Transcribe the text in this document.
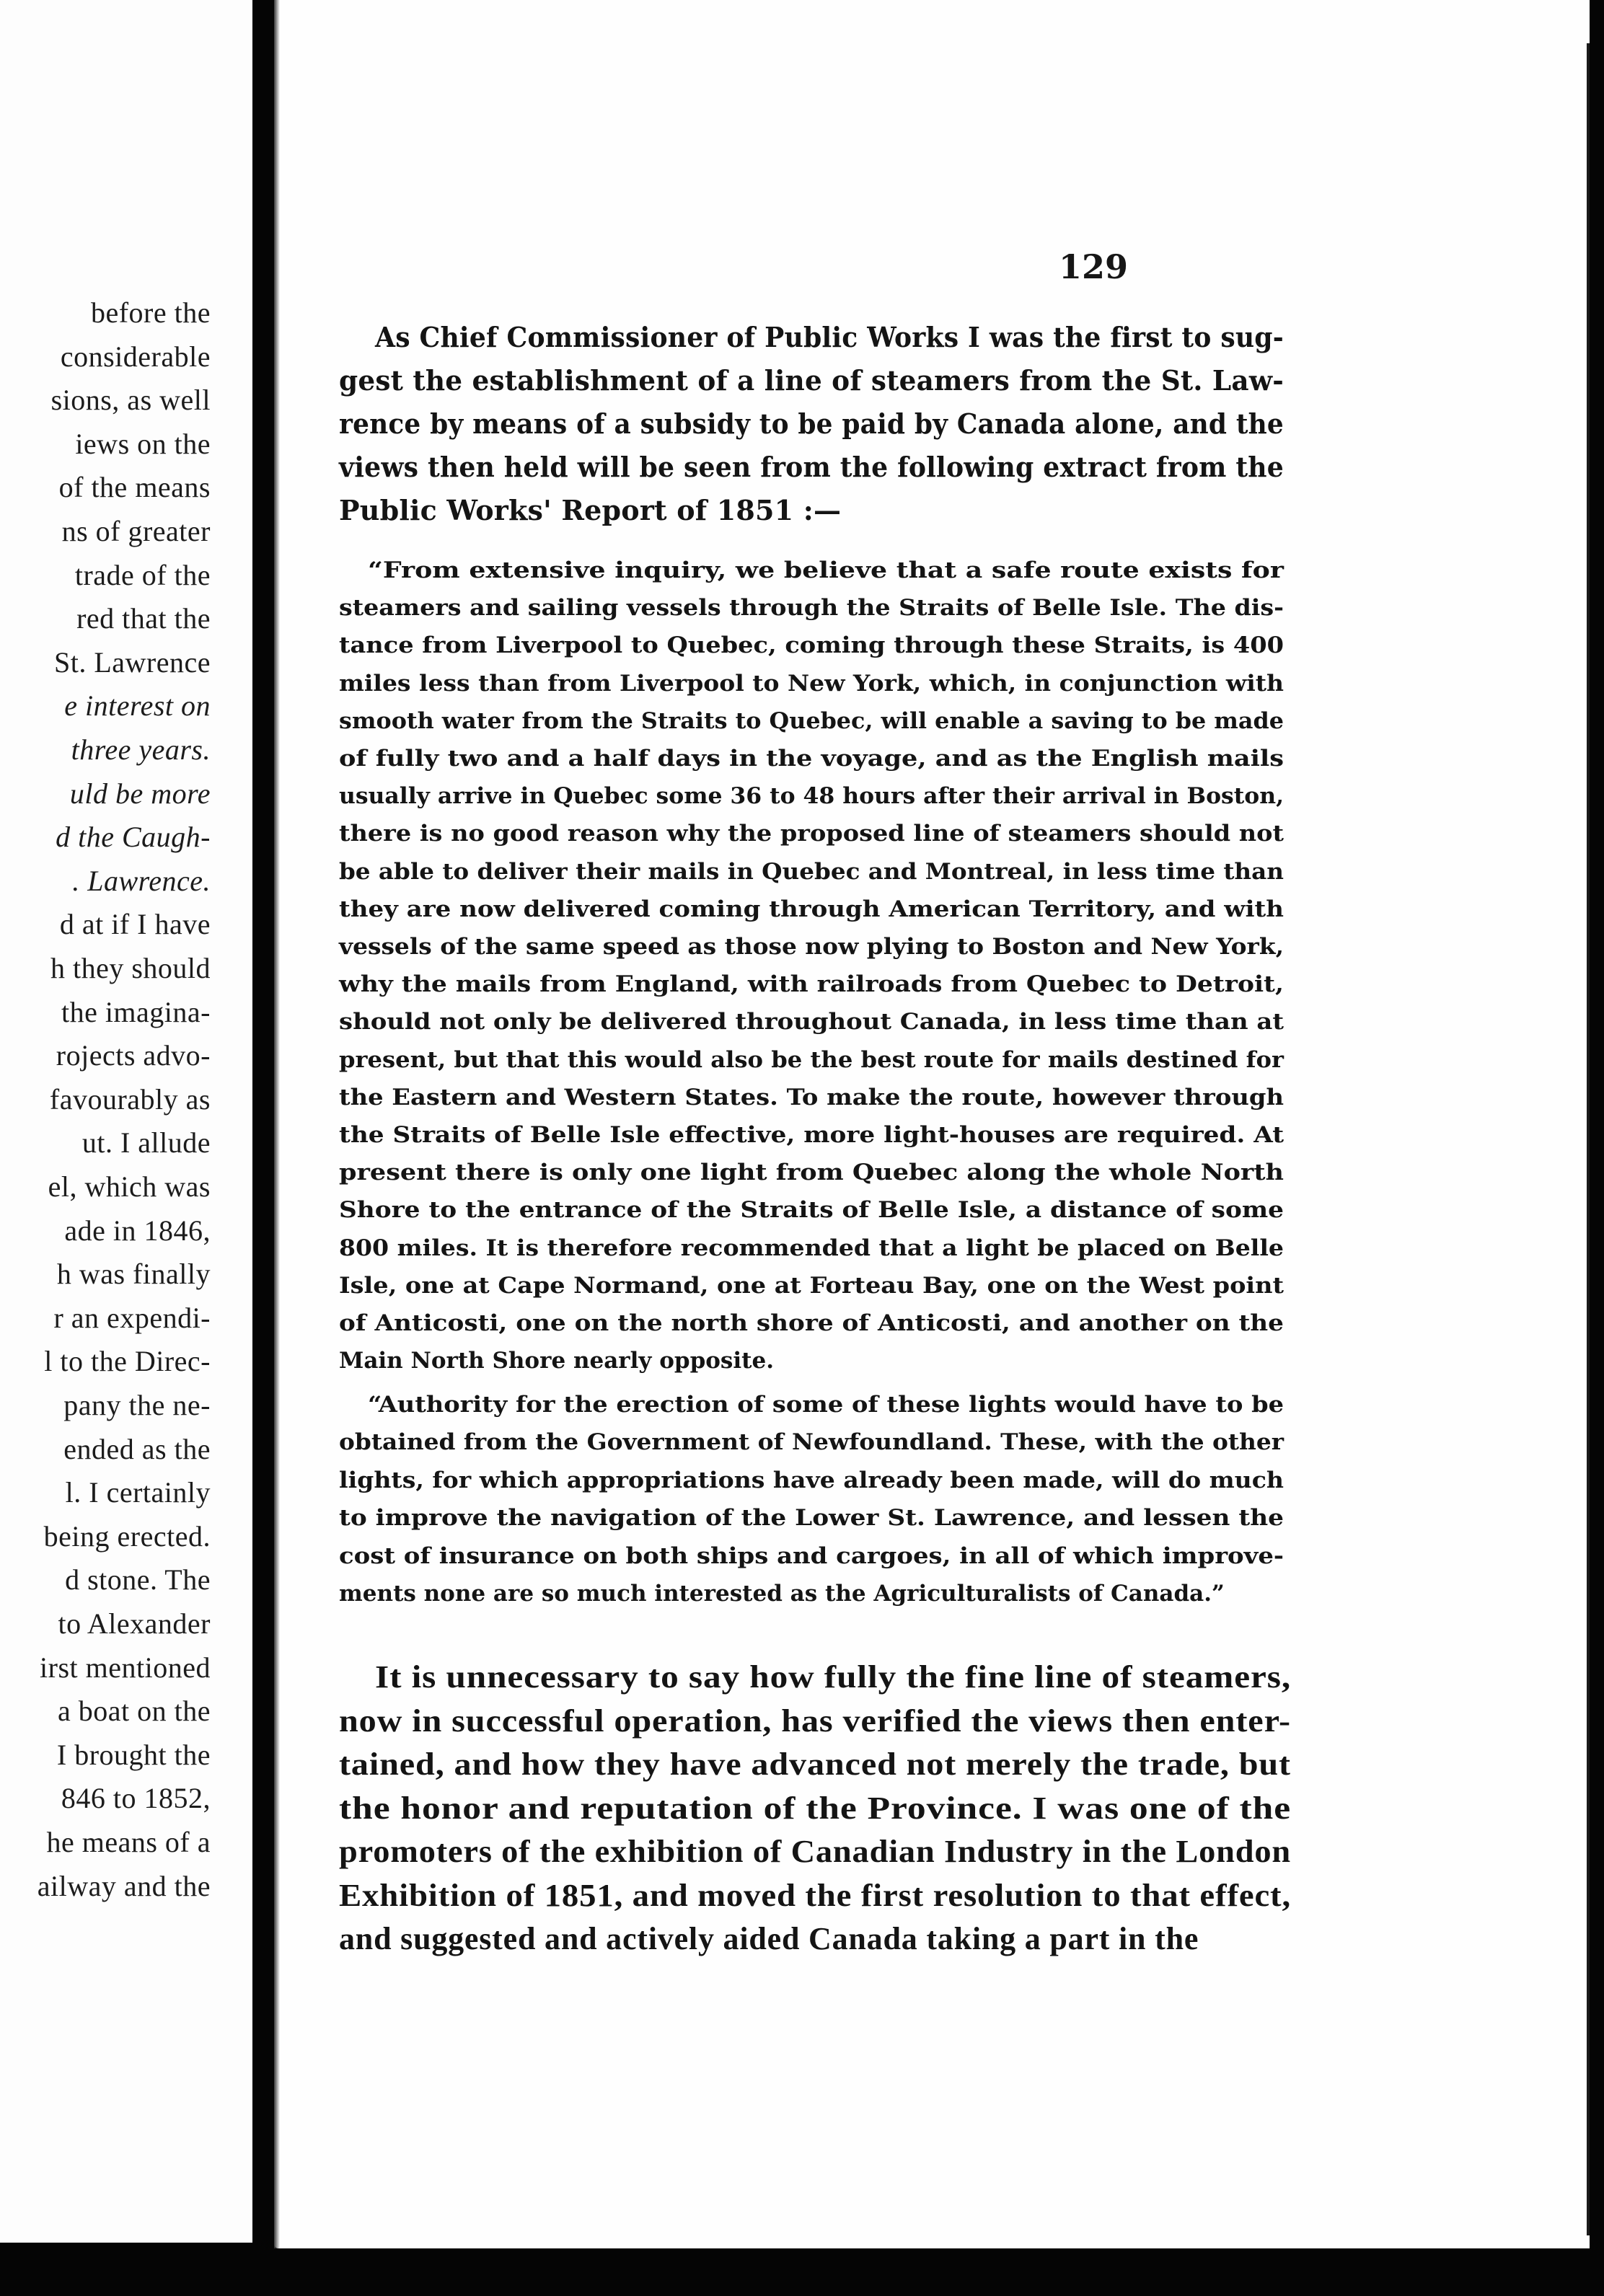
before the
considerable
sions, as well
iews on the
of the means
ns of greater
trade of the
red that the
St. Lawrence
e interest on
three years.
uld be more
d the Caugh-
. Lawrence.
d at if I have
h they should
the imagina-
rojects advo-
favourably as
ut. I allude
el, which was
ade in 1846,
h was finally
r an expendi-
l to the Direc-
pany the ne-
ended as the
l. I certainly
being erected.
d stone. The
to Alexander
irst mentioned
a boat on the
I brought the
846 to 1852,
he means of a
ailway and the
129
As Chief Commissioner of Public Works I was the first to sug-
gest the establishment of a line of steamers from the St. Law-
rence by means of a subsidy to be paid by Canada alone, and the
views then held will be seen from the following extract from the
Public Works' Report of 1851 :—
“From extensive inquiry, we believe that a safe route exists for
steamers and sailing vessels through the Straits of Belle Isle. The dis-
tance from Liverpool to Quebec, coming through these Straits, is 400
miles less than from Liverpool to New York, which, in conjunction with
smooth water from the Straits to Quebec, will enable a saving to be made
of fully two and a half days in the voyage, and as the English mails
usually arrive in Quebec some 36 to 48 hours after their arrival in Boston,
there is no good reason why the proposed line of steamers should not
be able to deliver their mails in Quebec and Montreal, in less time than
they are now delivered coming through American Territory, and with
vessels of the same speed as those now plying to Boston and New York,
why the mails from England, with railroads from Quebec to Detroit,
should not only be delivered throughout Canada, in less time than at
present, but that this would also be the best route for mails destined for
the Eastern and Western States. To make the route, however through
the Straits of Belle Isle effective, more light-houses are required. At
present there is only one light from Quebec along the whole North
Shore to the entrance of the Straits of Belle Isle, a distance of some
800 miles. It is therefore recommended that a light be placed on Belle
Isle, one at Cape Normand, one at Forteau Bay, one on the West point
of Anticosti, one on the north shore of Anticosti, and another on the
Main North Shore nearly opposite.
“Authority for the erection of some of these lights would have to be
obtained from the Government of Newfoundland. These, with the other
lights, for which appropriations have already been made, will do much
to improve the navigation of the Lower St. Lawrence, and lessen the
cost of insurance on both ships and cargoes, in all of which improve-
ments none are so much interested as the Agriculturalists of Canada.”
It is unnecessary to say how fully the fine line of steamers,
now in successful operation, has verified the views then enter-
tained, and how they have advanced not merely the trade, but
the honor and reputation of the Province. I was one of the
promoters of the exhibition of Canadian Industry in the London
Exhibition of 1851, and moved the first resolution to that effect,
and suggested and actively aided Canada taking a part in the
